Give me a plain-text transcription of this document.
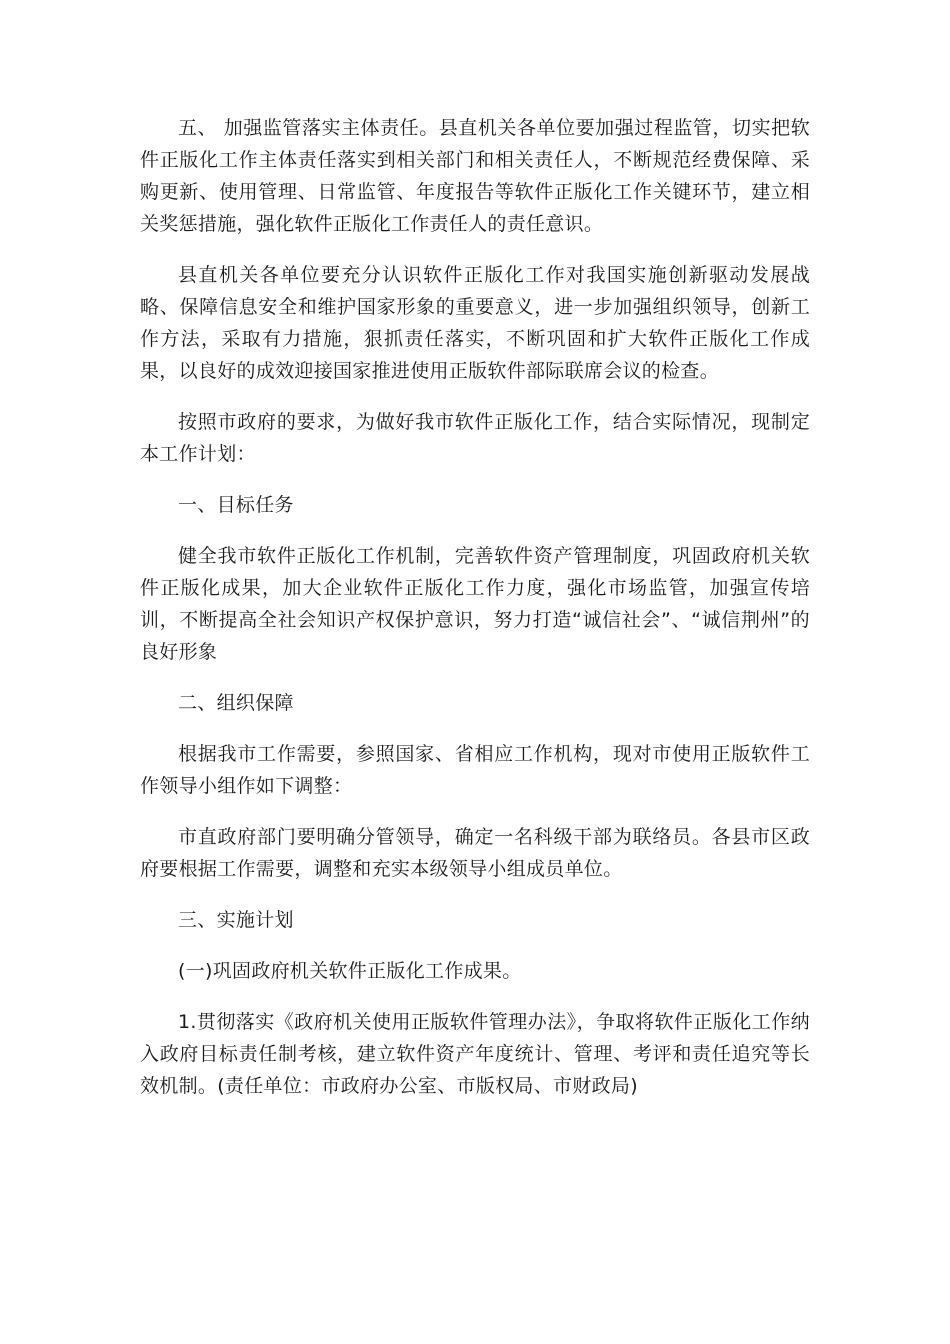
五、 加强监管落实主体责任。县直机关各单位要加强过程监管，切实把软件正版化工作主体责任落实到相关部门和相关责任人，不断规范经费保障、采购更新、使用管理、日常监管、年度报告等软件正版化工作关键环节，建立相关奖惩措施，强化软件正版化工作责任人的责任意识。

县直机关各单位要充分认识软件正版化工作对我国实施创新驱动发展战略、保障信息安全和维护国家形象的重要意义，进一步加强组织领导，创新工作方法，采取有力措施，狠抓责任落实，不断巩固和扩大软件正版化工作成果，以良好的成效迎接国家推进使用正版软件部际联席会议的检查。

按照市政府的要求，为做好我市软件正版化工作，结合实际情况，现制定本工作计划：

一、目标任务

健全我市软件正版化工作机制，完善软件资产管理制度，巩固政府机关软件正版化成果，加大企业软件正版化工作力度，强化市场监管，加强宣传培训，不断提高全社会知识产权保护意识，努力打造“诚信社会”、“诚信荆州”的良好形象

二、组织保障

根据我市工作需要，参照国家、省相应工作机构，现对市使用正版软件工作领导小组作如下调整：

市直政府部门要明确分管领导，确定一名科级干部为联络员。各县市区政府要根据工作需要，调整和充实本级领导小组成员单位。

三、实施计划

(一)巩固政府机关软件正版化工作成果。

1.贯彻落实《政府机关使用正版软件管理办法》，争取将软件正版化工作纳入政府目标责任制考核，建立软件资产年度统计、管理、考评和责任追究等长效机制。(责任单位：市政府办公室、市版权局、市财政局)
